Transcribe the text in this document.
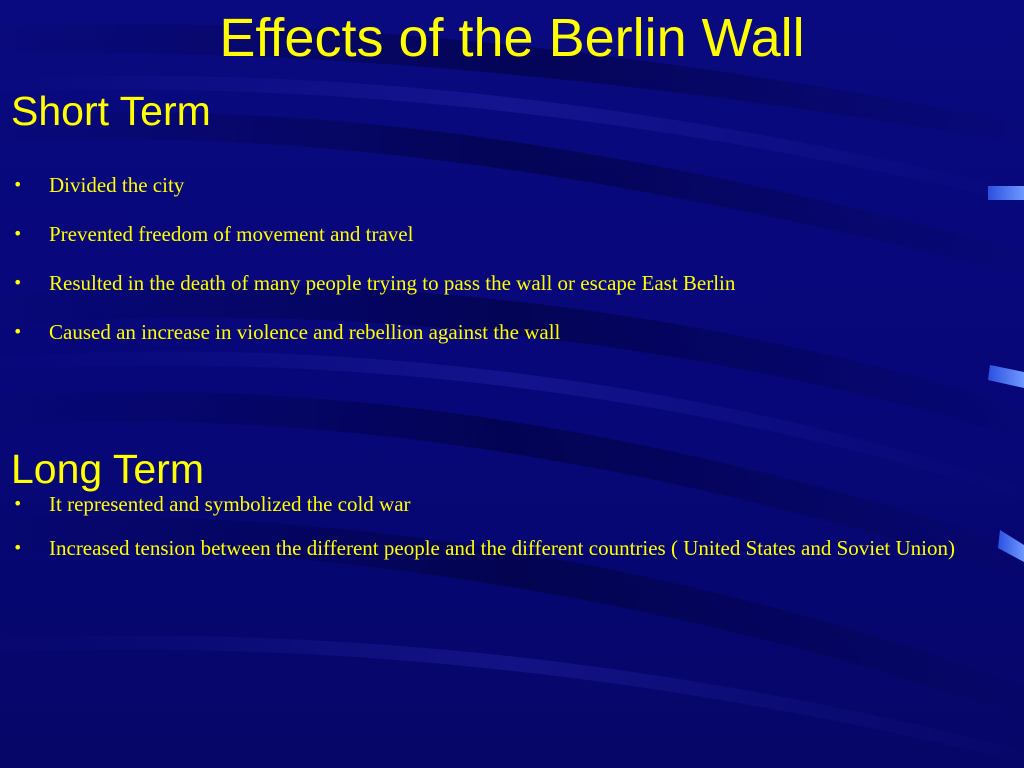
Effects of the Berlin Wall
Short Term
• Divided the city
• Prevented freedom of movement and travel
• Resulted in the death of many people trying to pass the wall or escape East Berlin
• Caused an increase in violence and rebellion against the wall
Long Term
• It represented and symbolized the cold war
• Increased tension between the different people and the different countries ( United States and Soviet Union)
